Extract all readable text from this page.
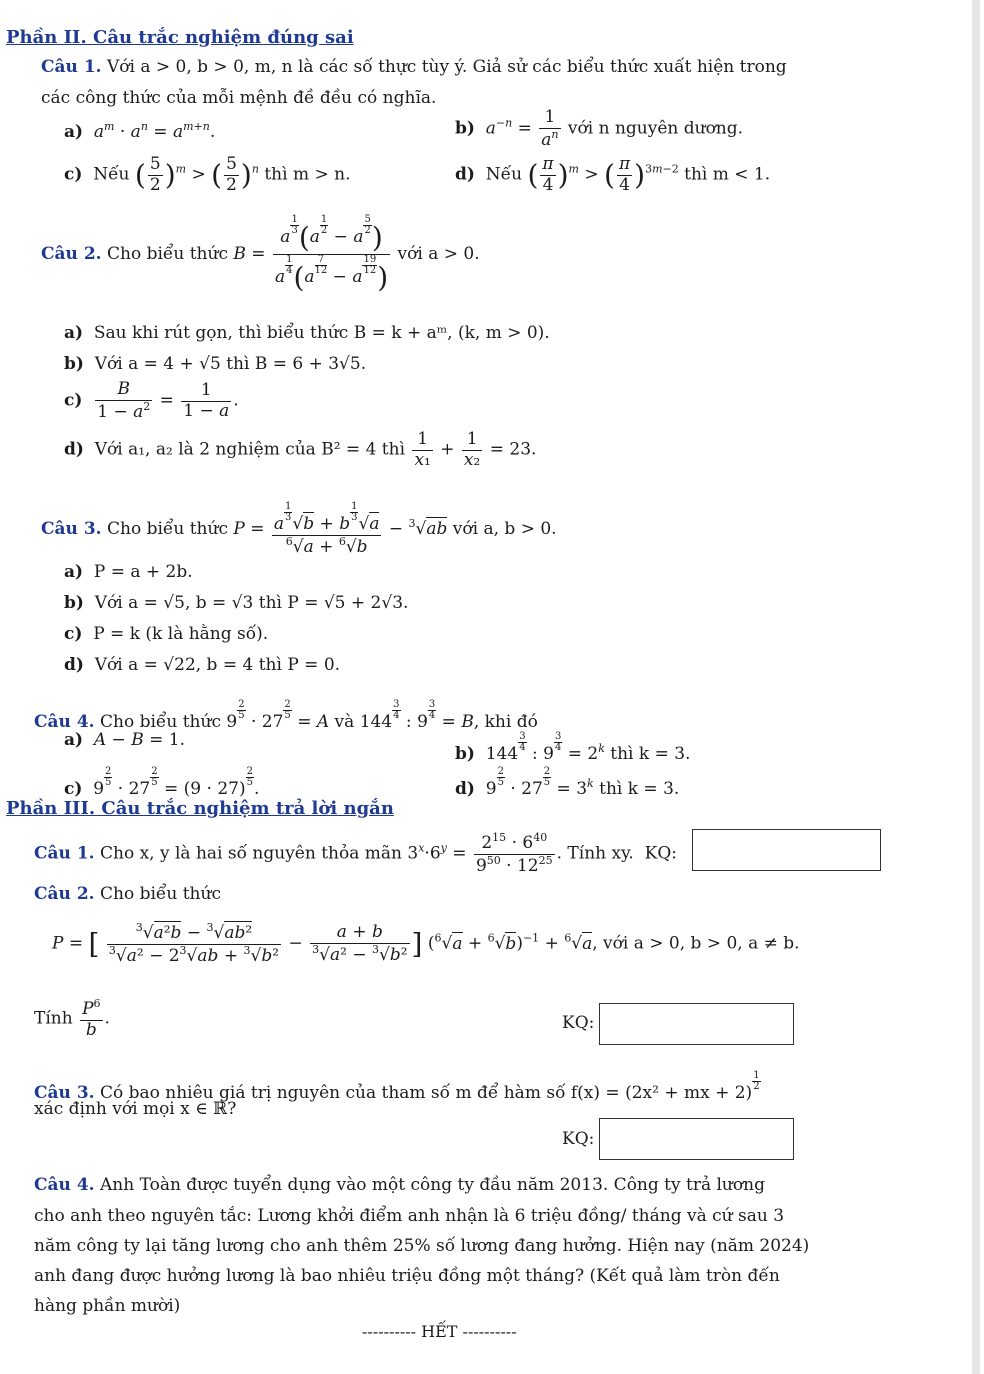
Phần II. Câu trắc nghiệm đúng sai
Câu 1. Với a > 0, b > 0, m, n là các số thực tùy ý. Giả sử các biểu thức xuất hiện trong
các công thức của mỗi mệnh đề đều có nghĩa.
a) $a^m \cdot a^n = a^{m+n}$.	b) $a^{-n} = \frac{1}{a^n}$ với n nguyên dương.
c) Nếu ( $\frac{5}{2} )^m$ > ( $\frac{5}{2} )^n$ thì m > n.	d) Nếu ( $\frac{\pi}{4} )^m$ > ( $\frac{\pi}{4} )^{3m-2}$ thì m < 1.
Câu 2. Cho biểu thức B = a
$\frac{1}{3} (a$
$\frac{1}{2}$
− a
$\frac{5}{2}$ )
a
$\frac{1}{4} (a$
$\frac{7}{12}$
− a
$\frac{19}{12}$ ) với a > 0.
a) Sau khi rút gọn, thì biểu thức B = k + aᵐ, (k, m > 0).
b) Với a = 4 + √5 thì B = 6 + 3√5.
$c) \frac{B}{1 - a^2} = \frac{1}{1 - a}$ .
d) Với a₁, a₂ là 2 nghiệm của B² = 4 thì $\frac{1}{\text{x₁}} + \frac{1}{\text{x₂}} = 23$.
Câu 3. Cho biểu thức P = a
$\frac{1}{3}$
√b + b
$\frac{1}{3}$
√a
$^6$√a + $^6$√b − $^3$√ab với a, b > 0.
a) P = a + 2b.
b) Với a = √5, b = √3 thì P = √5 + 2√3.
c) P = k (k là hằng số).
d) Với a = √22, b = 4 thì P = 0.
Câu 4. Cho biểu thức 9
$\frac{2}{5}$
· 27
$\frac{2}{5}$
= A và 144
$\frac{3}{4}$
: 9
$\frac{3}{4}$
= B, khi đó
a) A − B = 1.
b)  144
$\frac{3}{4}$
: 9
$\frac{3}{4}$
= $2^k$ thì k = 3.
c)  9
$\frac{2}{5}$
· 27
$\frac{2}{5}$
= (9 · 27)
$\frac{2}{5}$
.	d)  9
$\frac{2}{5}$
· 27
$\frac{2}{5}$
= $3^k$ thì k = 3.
Phần III. Câu trắc nghiệm trả lời ngắn
Câu 1. Cho x, y là hai số nguyên thỏa mãn $3^x\cdot 6^y = \frac{2^{15} \cdot 6^{40}}{9^{50} \cdot 12^{25}}$ . Tính xy. KQ:
Câu 2. Cho biểu thức
P = [ $\frac{^3√a^2b - ^3√ab^2}{^3√a^2 - 2^3√ab + ^3√b^2} - \frac{a + b}{^3√a^2 - ^3√b^2}$ ] $(^6√a + ^6√b)^{-1} + ^6√a$, với a > 0, b > 0, a ≠ b.
Tính $\frac{P^6}{b}$ .	KQ:
Câu 3. Có bao nhiêu giá trị nguyên của tham số m để hàm số f(x) = (2x² + mx + 2)
$\frac{1}{2}$
xác định với mọi x ∈ ℝ?
KQ:
Câu 4. Anh Toàn được tuyển dụng vào một công ty đầu năm 2013. Công ty trả lương
cho anh theo nguyên tắc: Lương khởi điểm anh nhận là 6 triệu đồng/ tháng và cứ sau 3
năm công ty lại tăng lương cho anh thêm 25% số lương đang hưởng. Hiện nay (năm 2024)
anh đang được hưởng lương là bao nhiêu triệu đồng một tháng? (Kết quả làm tròn đến
hàng phần mười)
---------- HẾT ----------
